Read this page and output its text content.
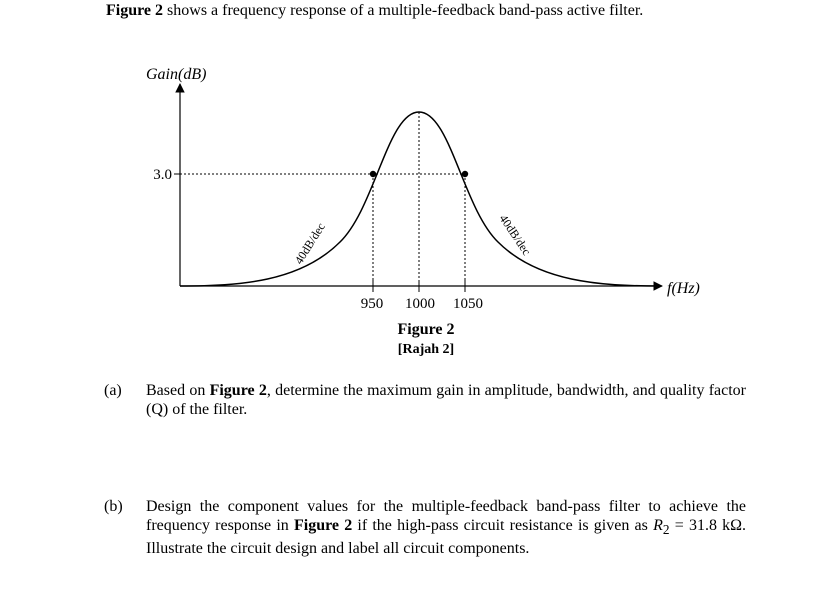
Figure 2 shows a frequency response of a multiple-feedback band-pass active filter.
Gain(dB)
f(Hz)
3.0
950 1000 1050
40dB/dec	40dB/dec
Figure 2
[Rajah 2]
(a) Based on Figure 2, determine the maximum gain in amplitude, bandwidth, and quality factor (Q) of the filter.
(b) Design the component values for the multiple-feedback band-pass filter to achieve the frequency response in Figure 2 if the high-pass circuit resistance is given as $R_2 = 31.8$ kΩ. Illustrate the circuit design and label all circuit components.
